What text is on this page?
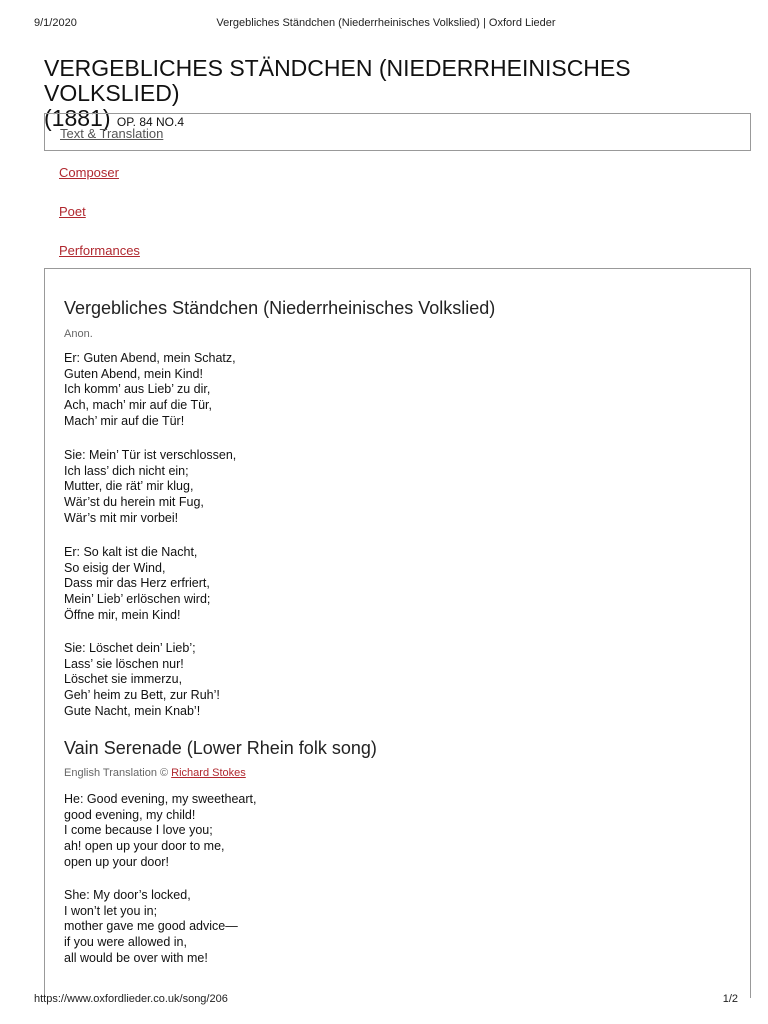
9/1/2020	Vergebliches Ständchen (Niederrheinisches Volkslied) | Oxford Lieder
VERGEBLICHES STÄNDCHEN (NIEDERRHEINISCHES VOLKSLIED)
(1881) OP. 84 NO.4
Text & Translation
Composer
Poet
Performances
Vergebliches Ständchen (Niederrheinisches Volkslied)
Anon.
Er: Guten Abend, mein Schatz,
Guten Abend, mein Kind!
Ich komm’ aus Lieb’ zu dir,
Ach, mach’ mir auf die Tür,
Mach’ mir auf die Tür!
Sie: Mein’ Tür ist verschlossen,
Ich lass’ dich nicht ein;
Mutter, die rät’ mir klug,
Wär’st du herein mit Fug,
Wär’s mit mir vorbei!
Er: So kalt ist die Nacht,
So eisig der Wind,
Dass mir das Herz erfriert,
Mein’ Lieb’ erlöschen wird;
Öffne mir, mein Kind!
Sie: Löschet dein’ Lieb’;
Lass’ sie löschen nur!
Löschet sie immerzu,
Geh’ heim zu Bett, zur Ruh’!
Gute Nacht, mein Knab’!
Vain Serenade (Lower Rhein folk song)
English Translation © Richard Stokes
He: Good evening, my sweetheart,
good evening, my child!
I come because I love you;
ah! open up your door to me,
open up your door!
She: My door’s locked,
I won’t let you in;
mother gave me good advice—
if you were allowed in,
all would be over with me!
https://www.oxfordlieder.co.uk/song/206	1/2
